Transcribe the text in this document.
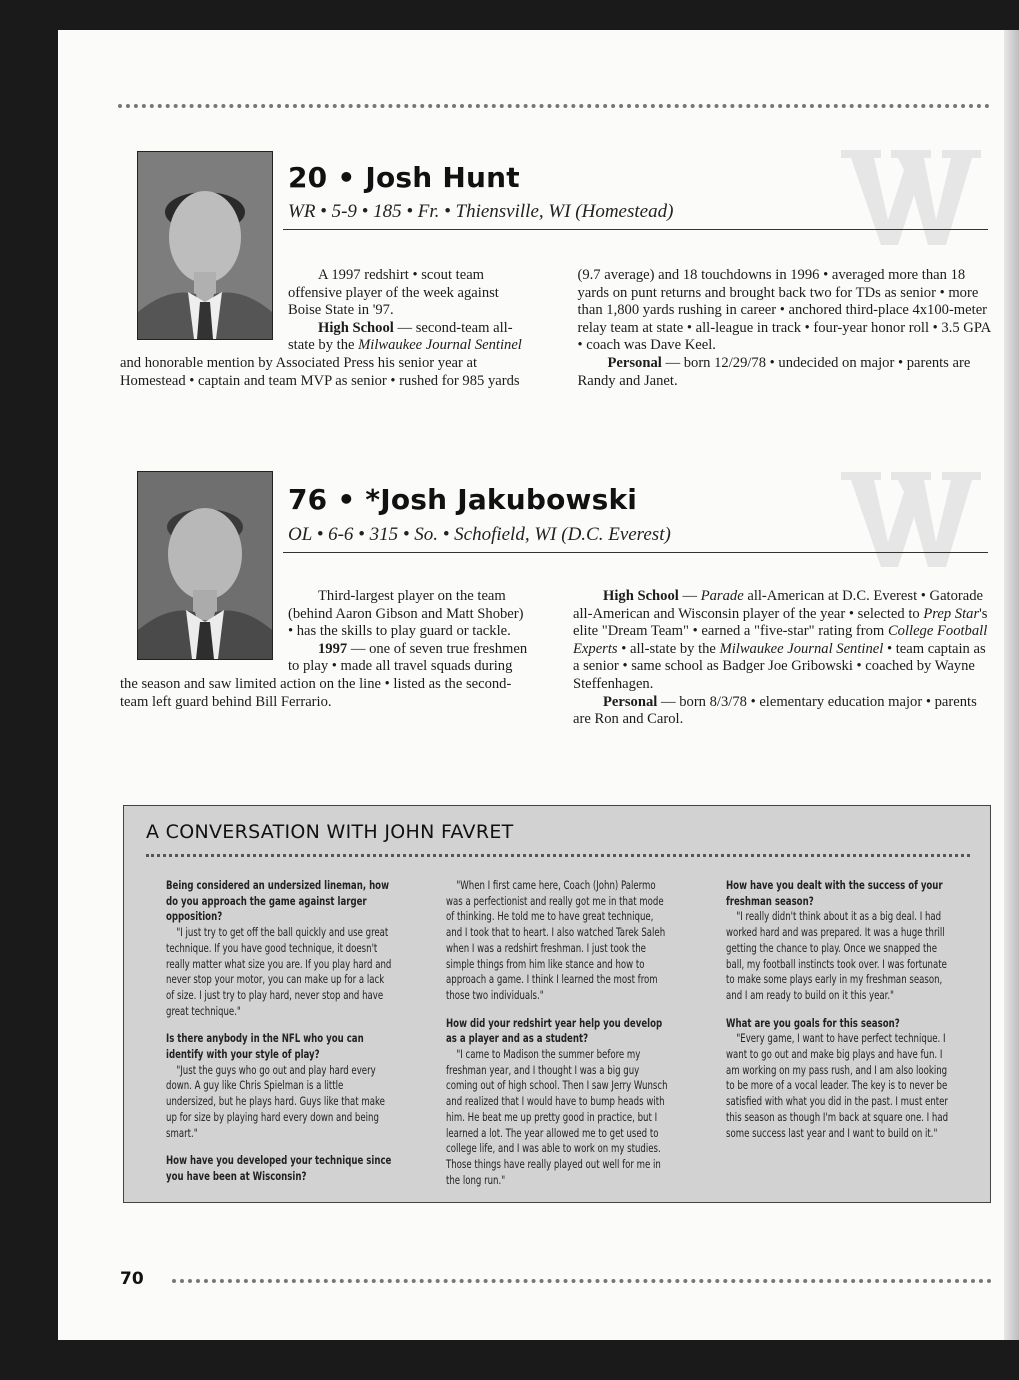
20 • Josh Hunt
WR • 5-9 • 185 • Fr. • Thiensville, WI (Homestead)

A 1997 redshirt • scout team offensive player of the week against Boise State in '97.

High School — second-team all-state by the Milwaukee Journal Sentinel and honorable mention by Associated Press his senior year at Homestead • captain and team MVP as senior • rushed for 985 yards (9.7 average) and 18 touchdowns in 1996 • averaged more than 18 yards on punt returns and brought back two for TDs as senior • more than 1,800 yards rushing in career • anchored third-place 4x100-meter relay team at state • all-league in track • four-year honor roll • 3.5 GPA • coach was Dave Keel.

Personal — born 12/29/78 • undecided on major • parents are Randy and Janet.

76 • *Josh Jakubowski
OL • 6-6 • 315 • So. • Schofield, WI (D.C. Everest)

Third-largest player on the team (behind Aaron Gibson and Matt Shober) • has the skills to play guard or tackle.

1997 — one of seven true freshmen to play • made all travel squads during the season and saw limited action on the line • listed as the second-team left guard behind Bill Ferrario.

High School — Parade all-American at D.C. Everest • Gatorade all-American and Wisconsin player of the year • selected to Prep Star's elite "Dream Team" • earned a "five-star" rating from College Football Experts • all-state by the Milwaukee Journal Sentinel • team captain as a senior • same school as Badger Joe Gribowski • coached by Wayne Steffenhagen.

Personal — born 8/3/78 • elementary education major • parents are Ron and Carol.

A CONVERSATION WITH JOHN FAVRET

Being considered an undersized lineman, how do you approach the game against larger opposition?

"I just try to get off the ball quickly and use great technique. If you have good technique, it doesn't really matter what size you are. If you play hard and never stop your motor, you can make up for a lack of size. I just try to play hard, never stop and have great technique."

Is there anybody in the NFL who you can identify with your style of play?

"Just the guys who go out and play hard every down. A guy like Chris Spielman is a little undersized, but he plays hard. Guys like that make up for size by playing hard every down and being smart."

How have you developed your technique since you have been at Wisconsin?

"When I first came here, Coach (John) Palermo was a perfectionist and really got me in that mode of thinking. He told me to have great technique, and I took that to heart. I also watched Tarek Saleh when I was a redshirt freshman. I just took the simple things from him like stance and how to approach a game. I think I learned the most from those two individuals."

How did your redshirt year help you develop as a player and as a student?

"I came to Madison the summer before my freshman year, and I thought I was a big guy coming out of high school. Then I saw Jerry Wunsch and realized that I would have to bump heads with him. He beat me up pretty good in practice, but I learned a lot. The year allowed me to get used to college life, and I was able to work on my studies. Those things have really played out well for me in the long run."

How have you dealt with the success of your freshman season?

"I really didn't think about it as a big deal. I had worked hard and was prepared. It was a huge thrill getting the chance to play. Once we snapped the ball, my football instincts took over. I was fortunate to make some plays early in my freshman season, and I am ready to build on it this year."

What are you goals for this season?

"Every game, I want to have perfect technique. I want to go out and make big plays and have fun. I am working on my pass rush, and I am also looking to be more of a vocal leader. The key is to never be satisfied with what you did in the past. I must enter this season as though I'm back at square one. I had some success last year and I want to build on it."

70
